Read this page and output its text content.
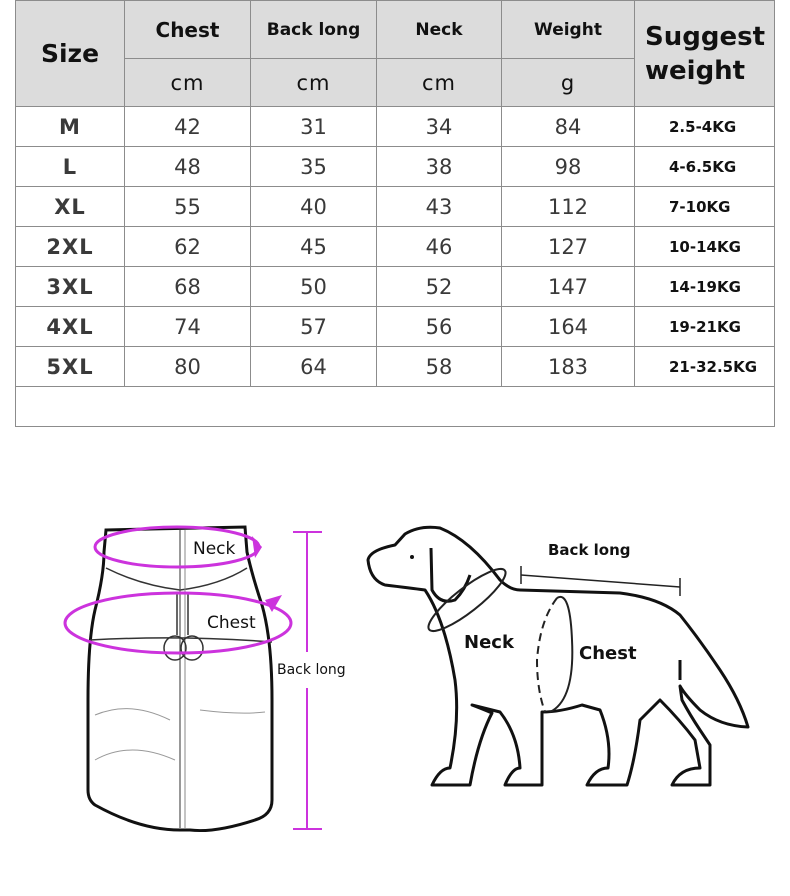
Size	Chest	Back long	Neck	Weight	Suggest
weight

	cm	cm	cm	g	
M	42	31	34	84	2.5-4KG
L	48	35	38	98	4-6.5KG
XL	55	40	43	112	7-10KG
2XL	62	45	46	127	10-14KG
3XL	68	50	52	147	14-19KG
4XL	74	57	56	164	19-21KG
5XL	80	64	58	183	21-32.5KG

Neck
Chest
Back long
Back long
Neck
Chest
